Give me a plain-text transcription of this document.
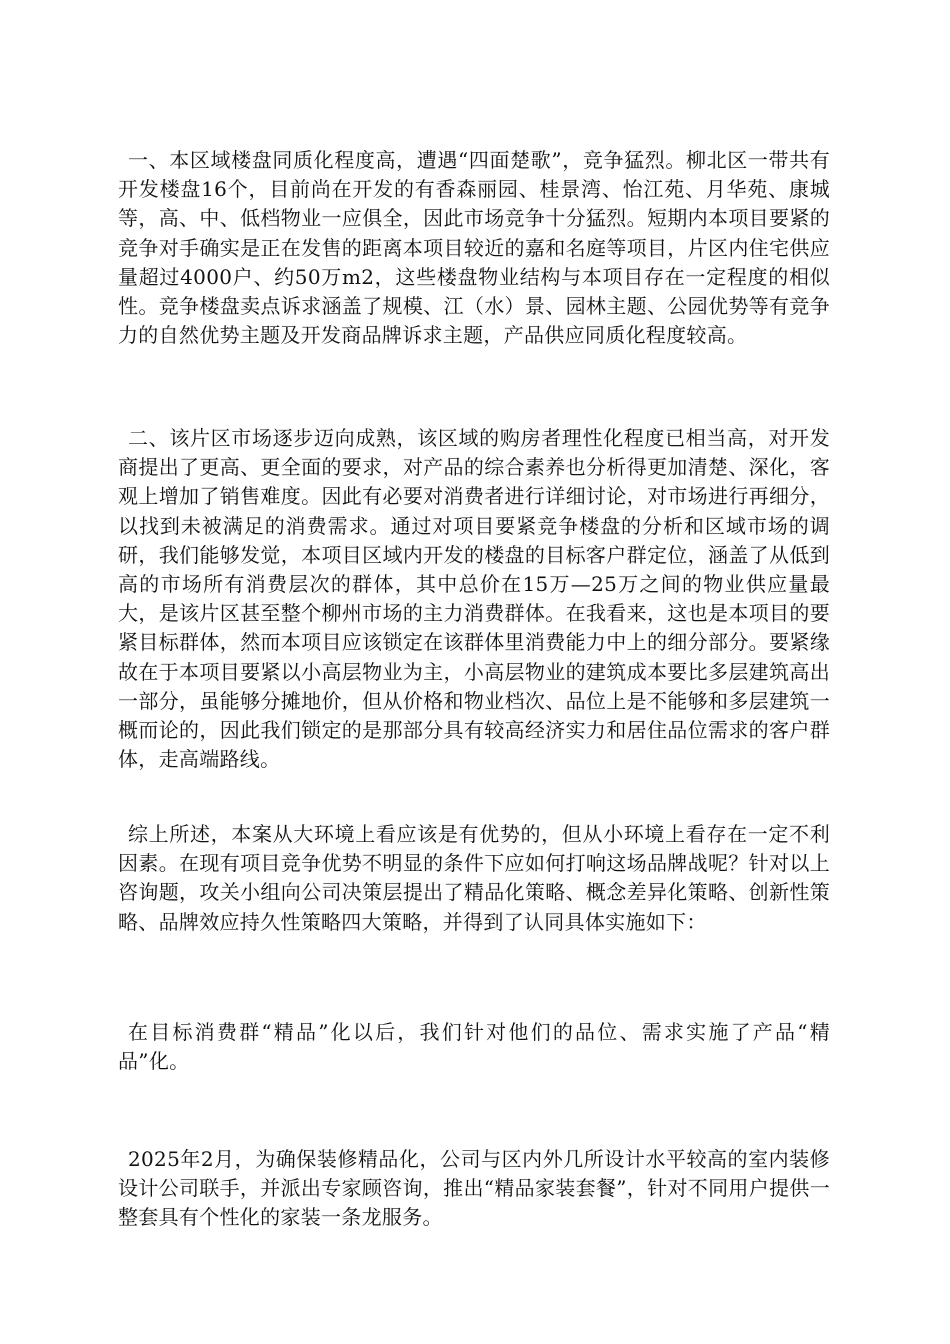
一、本区域楼盘同质化程度高，遭遇“四面楚歌”，竞争猛烈。柳北区一带共有开发楼盘16个，目前尚在开发的有香森丽园、桂景湾、怡江苑、月华苑、康城等，高、中、低档物业一应俱全，因此市场竞争十分猛烈。短期内本项目要紧的竞争对手确实是正在发售的距离本项目较近的嘉和名庭等项目，片区内住宅供应量超过4000户、约50万m2，这些楼盘物业结构与本项目存在一定程度的相似性。竞争楼盘卖点诉求涵盖了规模、江（水）景、园林主题、公园优势等有竞争力的自然优势主题及开发商品牌诉求主题，产品供应同质化程度较高。

二、该片区市场逐步迈向成熟，该区域的购房者理性化程度已相当高，对开发商提出了更高、更全面的要求，对产品的综合素养也分析得更加清楚、深化，客观上增加了销售难度。因此有必要对消费者进行详细讨论，对市场进行再细分，以找到未被满足的消费需求。通过对项目要紧竞争楼盘的分析和区域市场的调研，我们能够发觉，本项目区域内开发的楼盘的目标客户群定位，涵盖了从低到高的市场所有消费层次的群体，其中总价在15万—25万之间的物业供应量最大，是该片区甚至整个柳州市场的主力消费群体。在我看来，这也是本项目的要紧目标群体，然而本项目应该锁定在该群体里消费能力中上的细分部分。要紧缘故在于本项目要紧以小高层物业为主，小高层物业的建筑成本要比多层建筑高出一部分，虽能够分摊地价，但从价格和物业档次、品位上是不能够和多层建筑一概而论的，因此我们锁定的是那部分具有较高经济实力和居住品位需求的客户群体，走高端路线。

综上所述，本案从大环境上看应该是有优势的，但从小环境上看存在一定不利因素。在现有项目竞争优势不明显的条件下应如何打响这场品牌战呢？针对以上咨询题，攻关小组向公司决策层提出了精品化策略、概念差异化策略、创新性策略、品牌效应持久性策略四大策略，并得到了认同具体实施如下：

在目标消费群“精品”化以后，我们针对他们的品位、需求实施了产品“精品”化。

2025年2月，为确保装修精品化，公司与区内外几所设计水平较高的室内装修设计公司联手，并派出专家顾咨询，推出“精品家装套餐”，针对不同用户提供一整套具有个性化的家装一条龙服务。
